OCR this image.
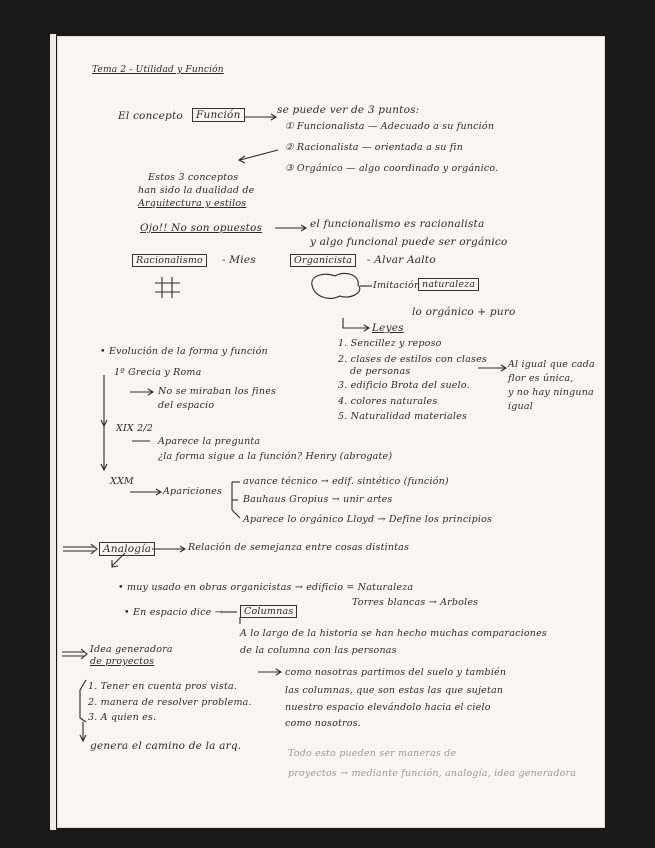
Tema 2 - Utilidad y Función
El concepto	Función	se puede ver de 3 puntos:
① Funcionalista — Adecuado a su función
② Racionalista — orientada a su fin
③ Orgánico — algo coordinado y orgánico.
Estos 3 conceptos
han sido la dualidad de
Arquitectura y estilos
Ojo!! No son opuestos	el funcionalismo es racionalista
y algo funcional puede ser orgánico
Racionalismo	- Mies	Organicista	- Alvar Aalto
Imitación naturaleza
lo orgánico + puro
Leyes
1. Sencillez y reposo
2. clases de estilos con clases
de personas
3. edificio Brota del suelo.
4. colores naturales
5. Naturalidad materiales
Al igual que cada
flor es única,
y no hay ninguna
igual
• Evolución de la forma y función
1º Grecia y Roma
No se miraban los fines
del espacio
XIX 2/2
Aparece la pregunta
¿la forma sigue a la función? Henry (abrogate)
XXM
Apariciones
avance técnico → edif. sintético (función)
Bauhaus Gropius → unir artes
Aparece lo orgánico Lloyd → Define los principios
Analogía	Relación de semejanza entre cosas distintas
• muy usado en obras organicistas → edificio = Naturaleza
Torres blancas → Arboles
• En espacio dice →	Columnas
A lo largo de la historia se han hecho muchas comparaciones
de la columna con las personas
como nosotras partimos del suelo y también
las columnas, que son estas las que sujetan
nuestro espacio elevándolo hacia el cielo
como nosotros.
Idea generadora
de proyectos
1. Tener en cuenta pros vista.
2. manera de resolver problema.
3. A quien es.
genera el camino de la arq.
Todo esto pueden ser maneras de
proyectos → mediante función, analogía, idea generadora
